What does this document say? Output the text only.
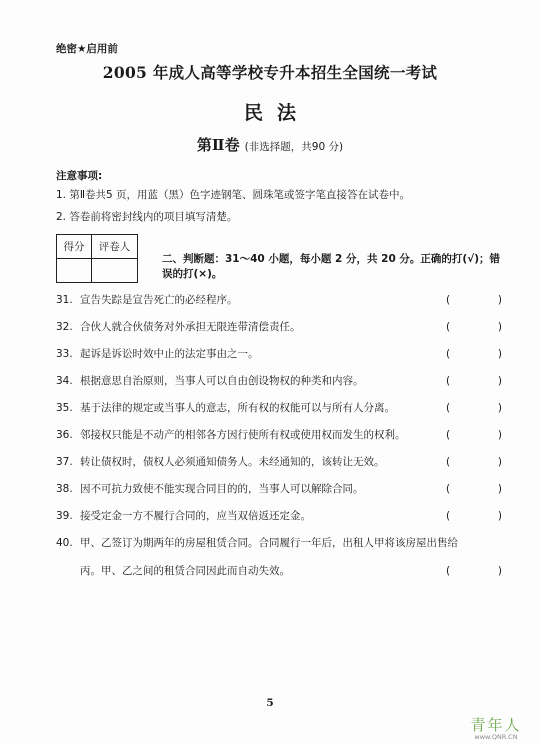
绝密★启用前
2005 年成人高等学校专升本招生全国统一考试
民法
第Ⅱ卷 (非选择题，共90 分)
注意事项:
1. 第Ⅱ卷共5 页，用蓝（黑）色字迹钢笔、圆珠笔或签字笔直接答在试卷中。
2. 答卷前将密封线内的项目填写清楚。
得分	评卷人

二、判断题：31～40 小题，每小题 2 分，共 20 分。正确的打(√)；错误的打(×)。
31. 宣告失踪是宣告死亡的必经程序。	(	)
32. 合伙人就合伙债务对外承担无限连带清偿责任。	(	)
33. 起诉是诉讼时效中止的法定事由之一。	(	)
34. 根据意思自治原则，当事人可以自由创设物权的种类和内容。	(	)
35. 基于法律的规定或当事人的意志，所有权的权能可以与所有人分离。	(	)
36. 邻接权只能是不动产的相邻各方因行使所有权或使用权而发生的权利。	(	)
37. 转让债权时，债权人必须通知债务人。未经通知的，该转让无效。	(	)
38. 因不可抗力致使不能实现合同目的的，当事人可以解除合同。	(	)
39. 接受定金一方不履行合同的，应当双倍返还定金。	(	)
40. 甲、乙签订为期两年的房屋租赁合同。合同履行一年后，出租人甲将该房屋出售给
丙。甲、乙之间的租赁合同因此而自动失效。	(	)
5
青年人
www.QNR.CN
